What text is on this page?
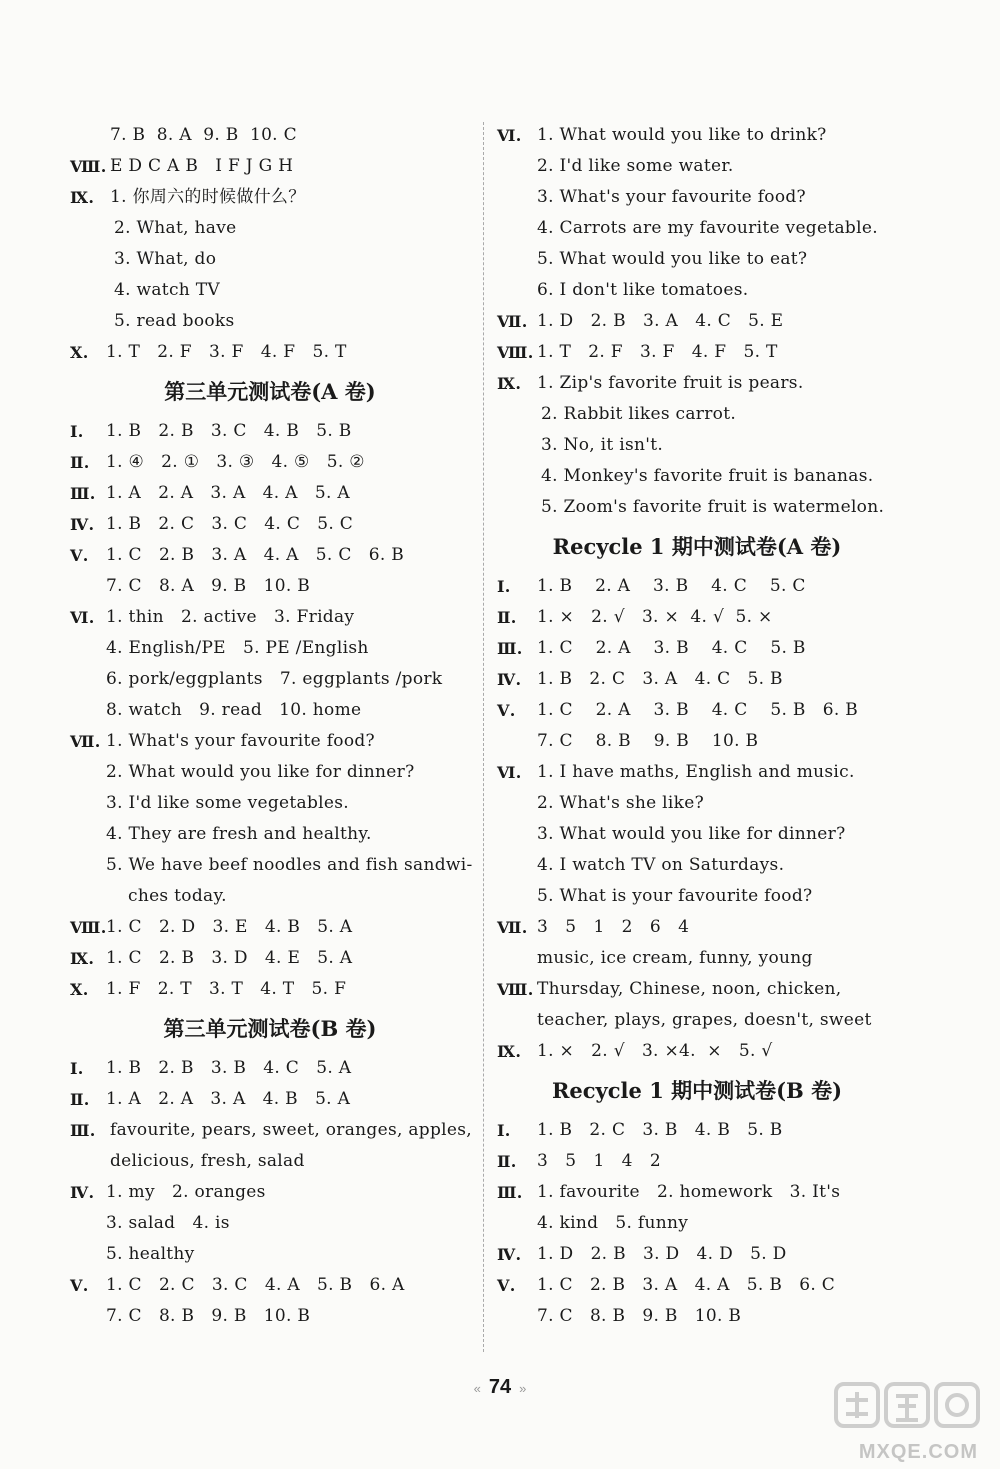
7. B  8. A  9. B  10. C
Ⅷ. E D C A B   I F J G H
Ⅸ. 1. 你周六的时候做什么？
2. What, have
3. What, do
4. watch TV
5. read books
Ⅹ. 1. T   2. F   3. F   4. F   5. T
第三单元测试卷(A 卷)
Ⅰ. 1. B   2. B   3. C   4. B   5. B
Ⅱ. 1. ④   2. ①   3. ③   4. ⑤   5. ②
Ⅲ. 1. A   2. A   3. A   4. A   5. A
Ⅳ. 1. B   2. C   3. C   4. C   5. C
Ⅴ. 1. C   2. B   3. A   4. A   5. C   6. B
7. C   8. A   9. B   10. B
Ⅵ. 1. thin   2. active   3. Friday
4. English/PE   5. PE /English
6. pork/eggplants   7. eggplants /pork
8. watch   9. read   10. home
Ⅶ. 1. What's your favourite food?
2. What would you like for dinner?
3. I'd like some vegetables.
4. They are fresh and healthy.
5. We have beef noodles and fish sandwi-
ches today.
Ⅷ. 1. C   2. D   3. E   4. B   5. A
Ⅸ. 1. C   2. B   3. D   4. E   5. A
Ⅹ. 1. F   2. T   3. T   4. T   5. F
第三单元测试卷(B 卷)
Ⅰ. 1. B   2. B   3. B   4. C   5. A
Ⅱ. 1. A   2. A   3. A   4. B   5. A
Ⅲ. favourite, pears, sweet, oranges, apples,
delicious, fresh, salad
Ⅳ. 1. my   2. oranges
3. salad   4. is
5. healthy
Ⅴ. 1. C   2. C   3. C   4. A   5. B   6. A
7. C   8. B   9. B   10. B
Ⅵ. 1. What would you like to drink?
2. I'd like some water.
3. What's your favourite food?
4. Carrots are my favourite vegetable.
5. What would you like to eat?
6. I don't like tomatoes.
Ⅶ. 1. D   2. B   3. A   4. C   5. E
Ⅷ. 1. T   2. F   3. F   4. F   5. T
Ⅸ. 1. Zip's favorite fruit is pears.
2. Rabbit likes carrot.
3. No, it isn't.
4. Monkey's favorite fruit is bananas.
5. Zoom's favorite fruit is watermelon.
Recycle 1 期中测试卷(A 卷)
Ⅰ. 1. B    2. A    3. B    4. C    5. C
Ⅱ. 1. ×   2. √   3. ×  4. √  5. ×
Ⅲ. 1. C    2. A    3. B    4. C    5. B
Ⅳ. 1. B   2. C   3. A   4. C   5. B
Ⅴ. 1. C    2. A    3. B    4. C    5. B   6. B
7. C    8. B    9. B    10. B
Ⅵ. 1. I have maths, English and music.
2. What's she like?
3. What would you like for dinner?
4. I watch TV on Saturdays.
5. What is your favourite food?
Ⅶ. 3   5   1   2   6   4
music, ice cream, funny, young
Ⅷ. Thursday, Chinese, noon, chicken,
teacher, plays, grapes, doesn't, sweet
Ⅸ. 1. ×   2. √   3. ×4.  ×   5. √
Recycle 1 期中测试卷(B 卷)
Ⅰ. 1. B   2. C   3. B   4. B   5. B
Ⅱ. 3   5   1   4   2
Ⅲ. 1. favourite   2. homework   3. It's
4. kind   5. funny
Ⅳ. 1. D   2. B   3. D   4. D   5. D
Ⅴ. 1. C   2. B   3. A   4. A   5. B   6. C
7. C   8. B   9. B   10. B
« 74 »
MXQE.COM
